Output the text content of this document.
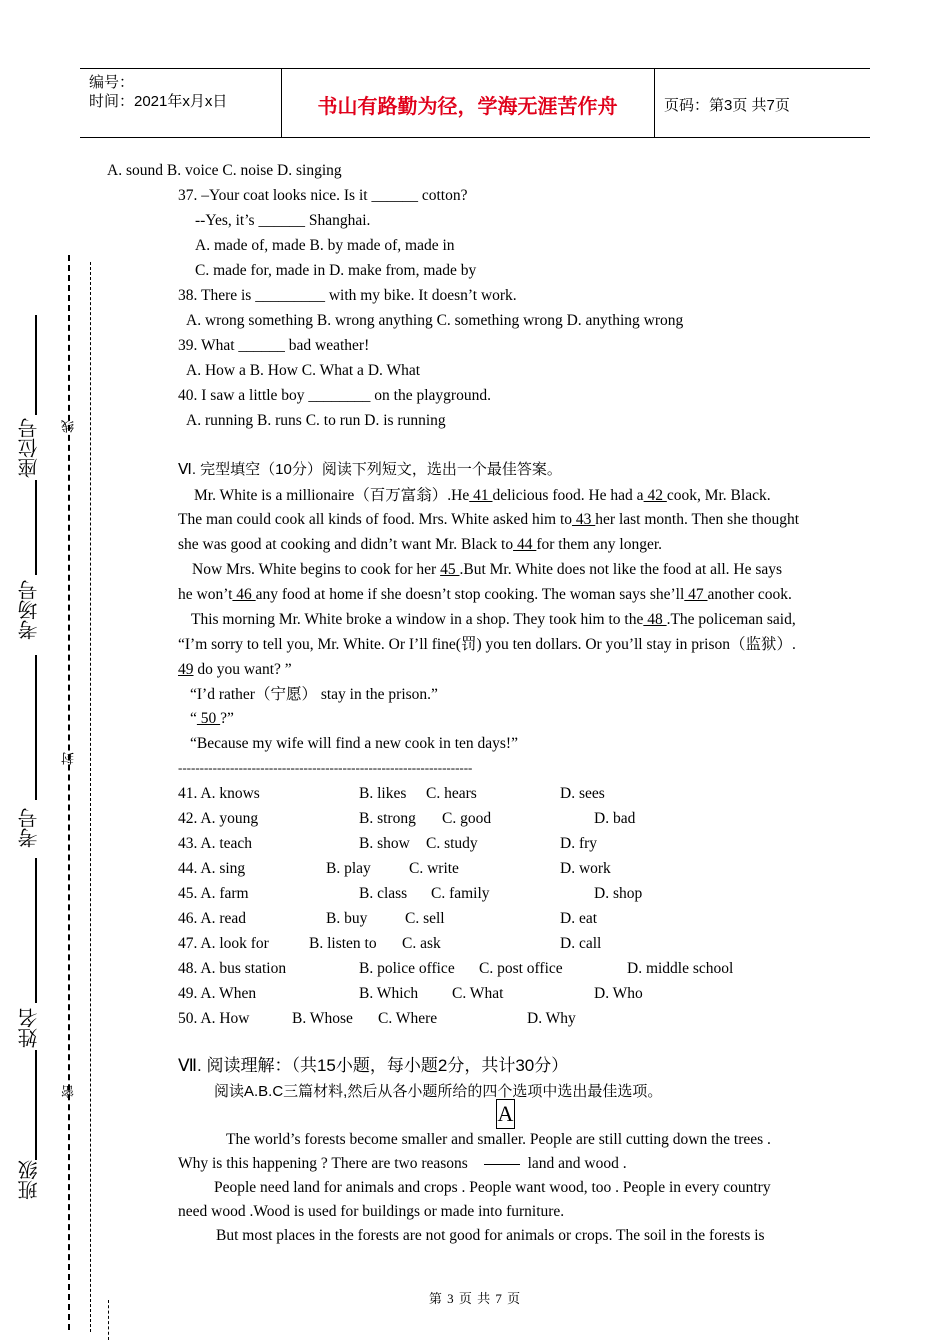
编号：
时间：2021年x月x日	书山有路勤为径，学海无涯苦作舟	页码：第3页 共7页
线
封
密
座位号
考场号
考号
姓名
班级
A. sound B. voice C. noise D. singing
37. –Your coat looks nice. Is it ______ cotton?
--Yes, it’s ______ Shanghai.
A. made of, made B. by made of, made in
C. made for, made in D. make from, made by
38. There is _________ with my bike. It doesn’t work.
A. wrong something B. wrong anything C. something wrong D. anything wrong
39. What ______ bad weather!
A. How a B. How C. What a D. What
40. I saw a little boy ________ on the playground.
A. running B. runs C. to run D. is running
Ⅵ. 完型填空（10分）阅读下列短文，选出一个最佳答案。
Mr. White is a millionaire（百万富翁）.He 41 delicious food. He had a 42 cook, Mr. Black.
The man could cook all kinds of food. Mrs. White asked him to 43 her last month. Then she thought
she was good at cooking and didn’t want Mr. Black to 44 for them any longer.
Now Mrs. White begins to cook for her 45 .But Mr. White does not like the food at all. He says
he won’t 46 any food at home if she doesn’t stop cooking. The woman says she’ll 47 another cook.
This morning Mr. White broke a window in a shop. They took him to the 48 .The policeman said,
“I’m sorry to tell you, Mr. White. Or I’ll fine(罚) you ten dollars. Or you’ll stay in prison（监狱）.
49 do you want? ”
“I’d rather（宁愿） stay in the prison.”
“ 50 ?”
“Because my wife will find a new cook in ten days!”
--------------------------------------------------------------------
41. A. knows	B. likes C. hears	D. sees
42. A. young	B. strong C. good	D. bad
43. A. teach	B. show C. study	D. fry
44. A. sing	B. play C. write	D. work
45. A. farm	B. class C. family	D. shop
46. A. read	B. buy C. sell	D. eat
47. A. look for	B. listen to C. ask	D. call
48. A. bus station	B. police office C. post office	D. middle school
49. A. When	B. Which C. What	D. Who
50. A. How	B. Whose C. Where	D. Why
Ⅶ. 阅读理解：（共15小题，每小题2分，共计30分）
阅读A.B.C三篇材料,然后从各小题所给的四个选项中选出最佳选项。
A
The world’s forests become smaller and smaller. People are still cutting down the trees .
Why is this happening ? There are two reasons	land and wood .
People need land for animals and crops . People want wood, too . People in every country
need wood .Wood is used for buildings or made into furniture.
But most places in the forests are not good for animals or crops. The soil in the forests is
第 3 页 共 7 页
